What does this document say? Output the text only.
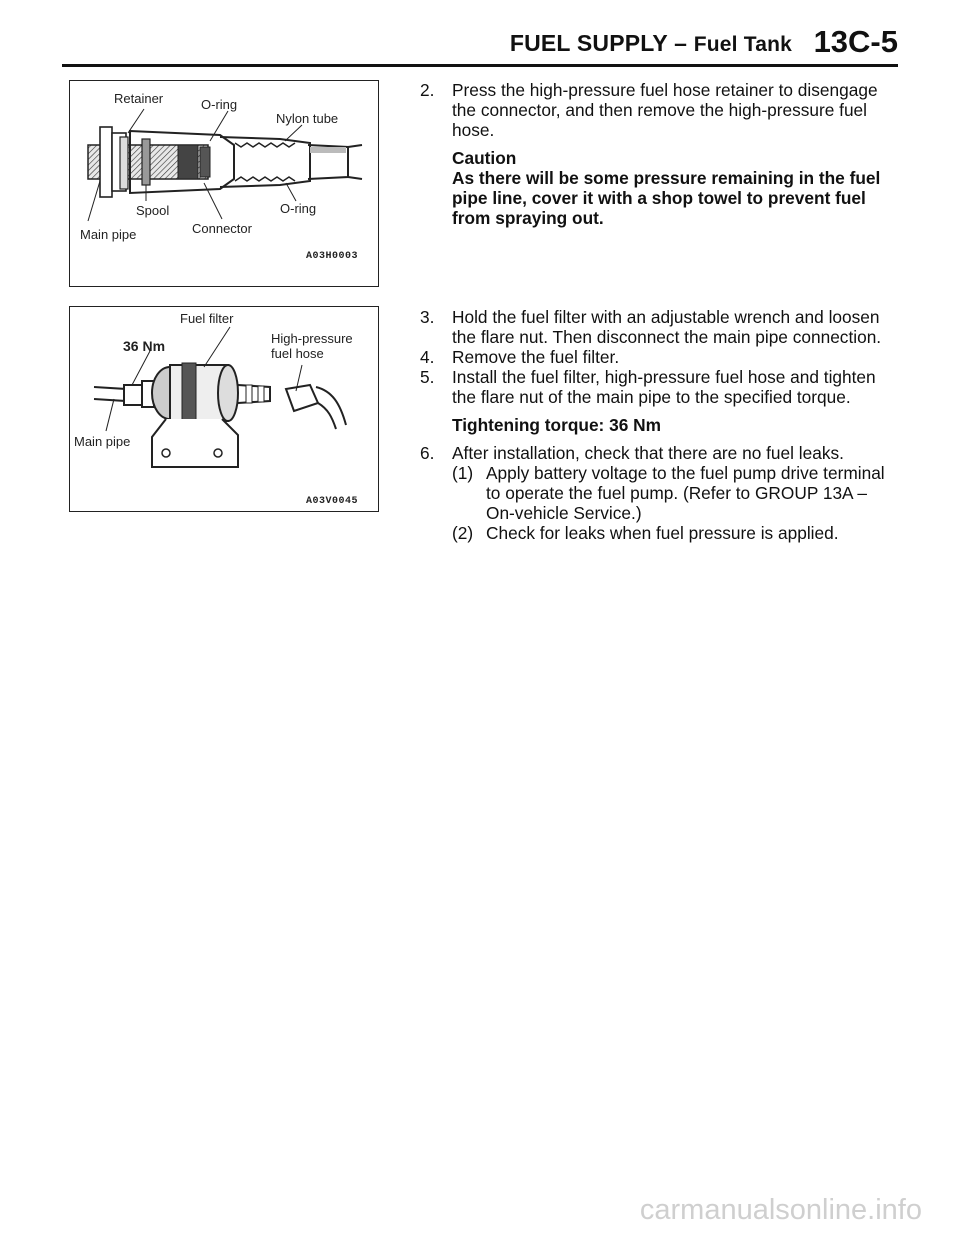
FUEL SUPPLY – Fuel Tank 13C-5
Retainer	O-ring
Nylon tube
Spool	O-ring
Main pipe	Connector
A03H0003
Fuel filter
36 Nm	High-pressure
fuel hose
Main pipe
A03V0045

2. Press the high-pressure fuel hose retainer to disengage

the connector, and then remove the high-pressure fuel

hose.

Caution
As there will be some pressure remaining in the fuel
pipe line, cover it with a shop towel to prevent fuel
from spraying out.

3. Hold the fuel filter with an adjustable wrench and loosen

the flare nut. Then disconnect the main pipe connection.

4. Remove the fuel filter.

5. Install the fuel filter, high-pressure fuel hose and tighten

the flare nut of the main pipe to the specified torque.

Tightening torque: 36 Nm

6. After installation, check that there are no fuel leaks.

(1) Apply battery voltage to the fuel pump drive terminal

to operate the fuel pump. (Refer to GROUP 13A –

On-vehicle Service.)

(2) Check for leaks when fuel pressure is applied.

carmanualsonline.info
